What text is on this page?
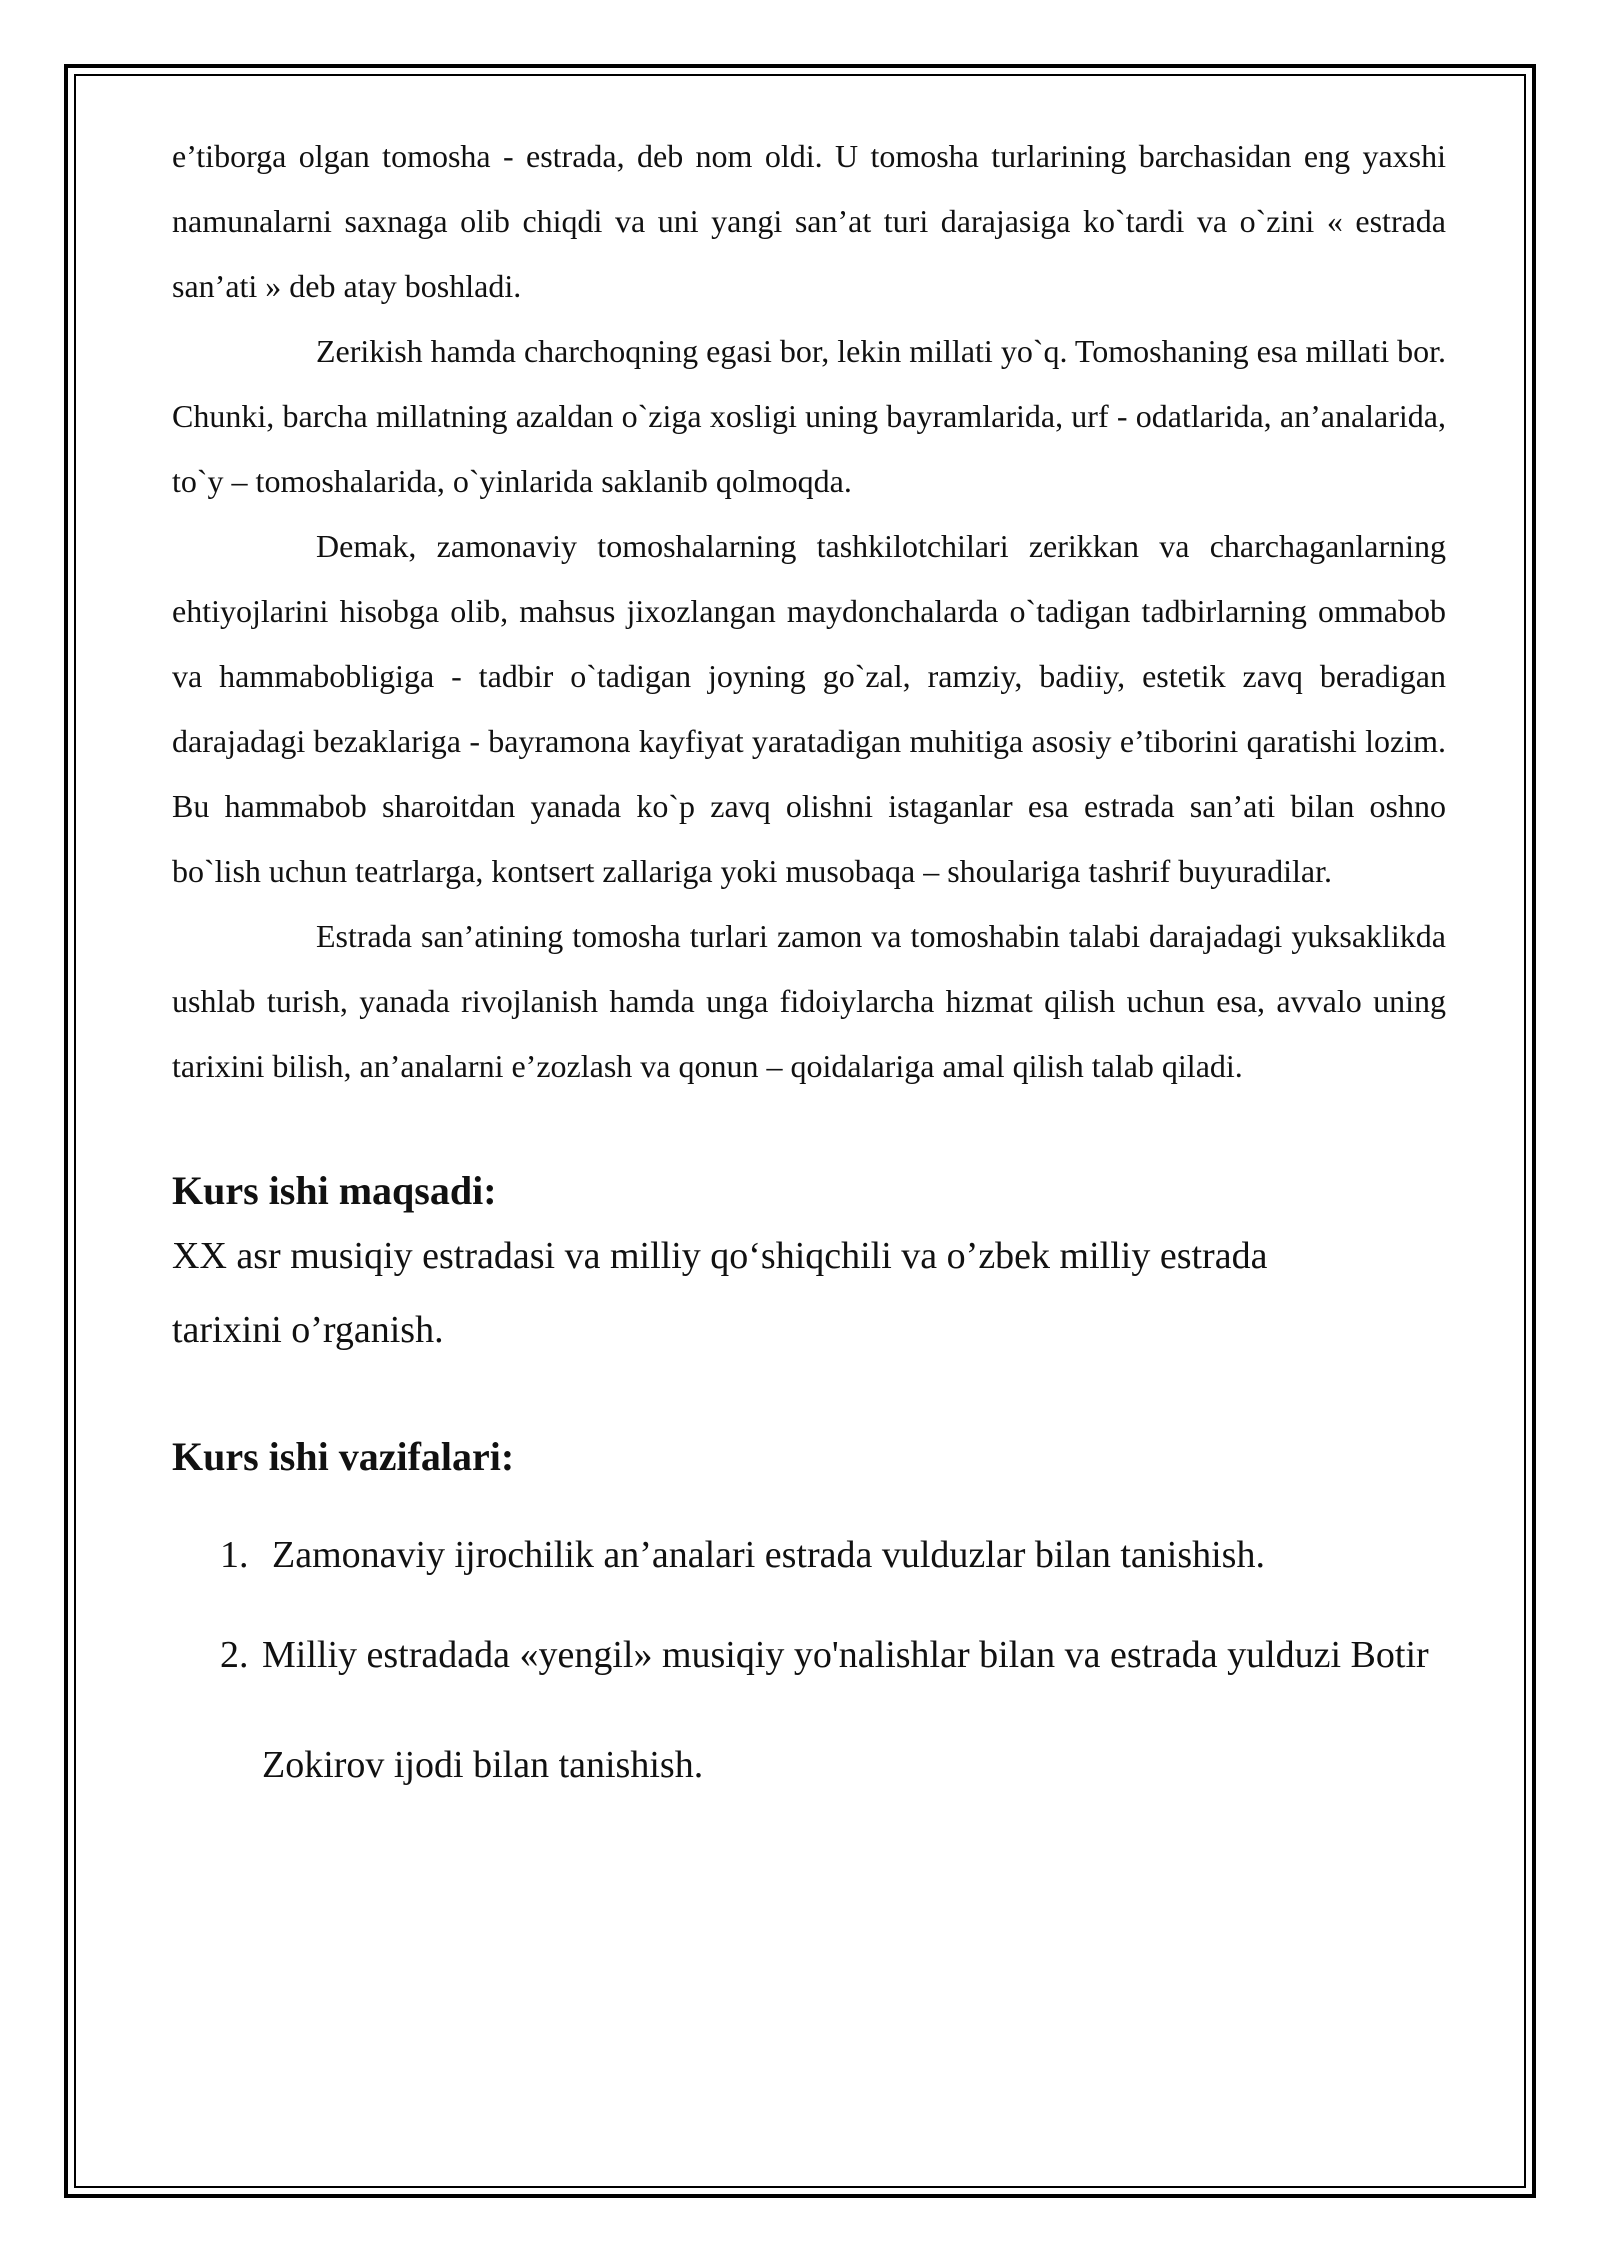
e’tiborga olgan tomosha - estrada, deb nom oldi. U tomosha turlarining barchasidan eng yaxshi namunalarni saxnaga olib chiqdi va uni yangi san’at turi darajasiga ko`tardi va o`zini « estrada san’ati » deb atay boshladi.

Zerikish hamda charchoqning egasi bor, lekin millati yo`q. Tomoshaning esa millati bor. Chunki, barcha millatning azaldan o`ziga xosligi uning bayramlarida, urf - odatlarida, an’analarida, to`y – tomoshalarida, o`yinlarida saklanib qolmoqda.

Demak, zamonaviy tomoshalarning tashkilotchilari zerikkan va charchaganlarning ehtiyojlarini hisobga olib, mahsus jixozlangan maydonchalarda o`tadigan tadbirlarning ommabob va hammabobligiga - tadbir o`tadigan joyning go`zal, ramziy, badiiy, estetik zavq beradigan darajadagi bezaklariga - bayramona kayfiyat yaratadigan muhitiga asosiy e’tiborini qaratishi lozim. Bu hammabob sharoitdan yanada ko`p zavq olishni istaganlar esa estrada san’ati bilan oshno bo`lish uchun teatrlarga, kontsert zallariga yoki musobaqa – shoulariga tashrif buyuradilar.

Estrada san’atining tomosha turlari zamon va tomoshabin talabi darajadagi yuksaklikda ushlab turish, yanada rivojlanish hamda unga fidoiylarcha hizmat qilish uchun esa, avvalo uning tarixini bilish, an’analarni e’zozlash va qonun – qoidalariga amal qilish talab qiladi.

Kurs ishi maqsadi:

XX asr musiqiy estradasi va milliy qo‘shiqchili va o’zbek milliy estrada tarixini o’rganish.

Kurs ishi vazifalari:
1. Zamonaviy ijrochilik an’analari estrada vulduzlar bilan tanishish.
2. Milliy estradada «yengil» musiqiy yo'nalishlar bilan va estrada yulduzi Botir Zokirov ijodi bilan tanishish.
